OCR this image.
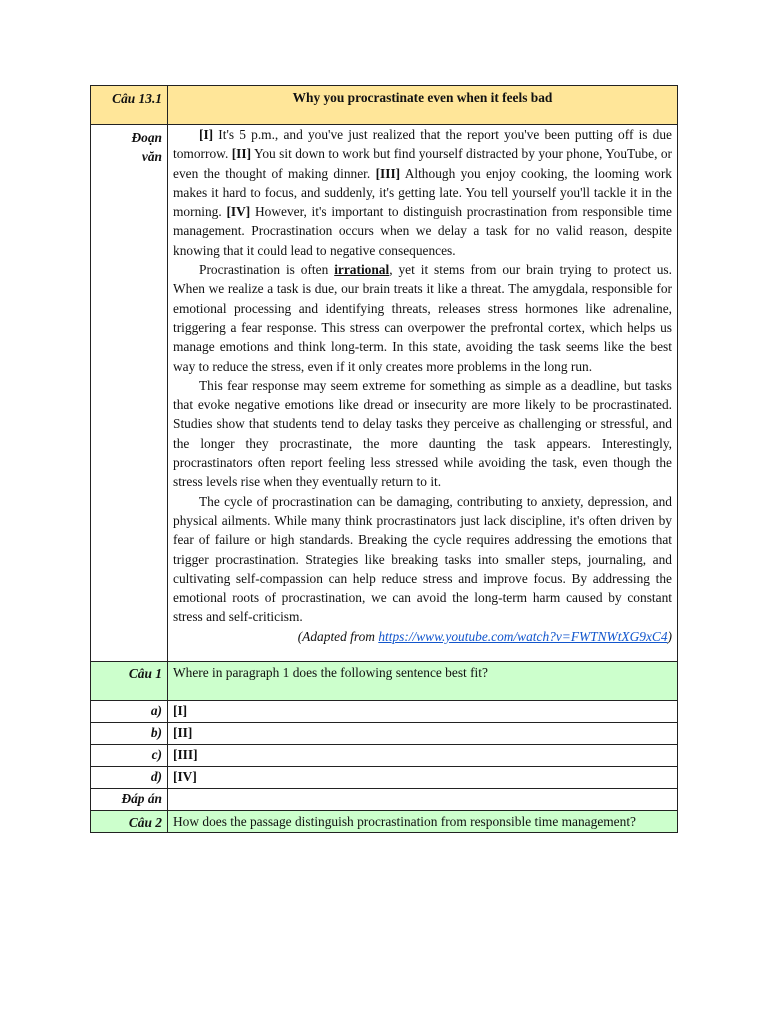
Câu 13.1	Why you procrastinate even when it feels bad
Đoạn văn	[I] It's 5 p.m., and you've just realized that the report you've been putting off is due tomorrow. [II] You sit down to work but find yourself distracted by your phone, YouTube, or even the thought of making dinner. [III] Although you enjoy cooking, the looming work makes it hard to focus, and suddenly, it's getting late. You tell yourself you'll tackle it in the morning. [IV] However, it's important to distinguish procrastination from responsible time management. Procrastination occurs when we delay a task for no valid reason, despite knowing that it could lead to negative consequences.

Procrastination is often irrational, yet it stems from our brain trying to protect us. When we realize a task is due, our brain treats it like a threat. The amygdala, responsible for emotional processing and identifying threats, releases stress hormones like adrenaline, triggering a fear response. This stress can overpower the prefrontal cortex, which helps us manage emotions and think long-term. In this state, avoiding the task seems like the best way to reduce the stress, even if it only creates more problems in the long run.

This fear response may seem extreme for something as simple as a deadline, but tasks that evoke negative emotions like dread or insecurity are more likely to be procrastinated. Studies show that students tend to delay tasks they perceive as challenging or stressful, and the longer they procrastinate, the more daunting the task appears. Interestingly, procrastinators often report feeling less stressed while avoiding the task, even though the stress levels rise when they eventually return to it.

The cycle of procrastination can be damaging, contributing to anxiety, depression, and physical ailments. While many think procrastinators just lack discipline, it's often driven by fear of failure or high standards. Breaking the cycle requires addressing the emotions that trigger procrastination. Strategies like breaking tasks into smaller steps, journaling, and cultivating self-compassion can help reduce stress and improve focus. By addressing the emotional roots of procrastination, we can avoid the long-term harm caused by constant stress and self-criticism.

(Adapted from https://www.youtube.com/watch?v=FWTNWtXG9xC4)

Câu 1	Where in paragraph 1 does the following sentence best fit?
a)	[I]
b)	[II]
c)	[III]
d)	[IV]
Đáp án	
Câu 2	How does the passage distinguish procrastination from responsible time management?
